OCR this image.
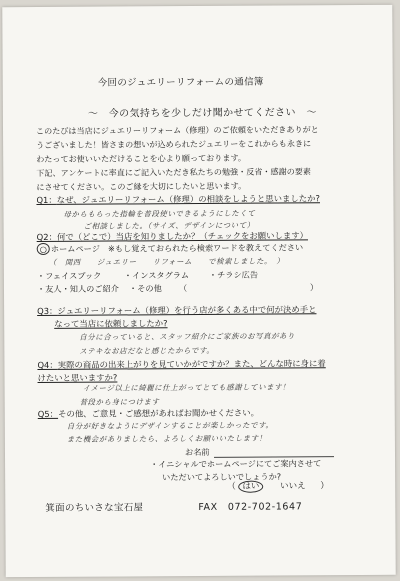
今回のジュエリーリフォームの通信簿
～　今の気持ちを少しだけ聞かせてください　～
このたびは当店にジュエリーリフォーム（修理）のご依頼をいただきありがと
うございました！皆さまの想いが込められたジュエリーをこれからも永きに
わたってお使いいただけることを心より願っております。
下記、アンケートに率直にご記入いただき私たちの勉強・反省・感謝の要素
にさせてください。このご縁を大切にしたいと思います。
Q1：なぜ、ジュエリーリフォーム（修理）の相談をしようと思いましたか?
母からもらった指輪を普段使いできるようにしたくて
ご相談しました。（サイズ、デザインについて）
Q2：何で（どこで）当店を知りましたか？（チェックをお願いします）
○ ホームページ　※もし覚えておられたら検索ワードを教えてください
（　関西　　ジュエリー　　リフォーム　　で検索しました。　）
・フェイスブック	・インスタグラム ・チラシ広告
・友人・知人のご紹介 ・その他 （　　　　　　　　　　　　　　　）
Q3：ジュエリーリフォーム（修理）を行う店が多くある中で何が決め手と
なって当店に依頼しましたか?
自分に合っていると、スタッフ紹介にご家族のお写真があり
ステキなお店だなと感じたからです。
Q4：実際の商品の出来上がりを見ていかがですか？また、どんな時に身に着
けたいと思いますか?
イメージ以上に綺麗に仕上がってとても感謝しています！
普段から身につけます
Q5：その他、ご意見・ご感想があればお聞かせください。
自分が好きなようにデザインすることが楽しかったです。
また機会がありましたら、よろしくお願いいたします！
お名前
・イニシャルでホームページにてご案内させて
いただいてよろしいでしょうか?
（ はい いいえ ）
箕面のちいさな宝石屋	FAX　072-702-1647
